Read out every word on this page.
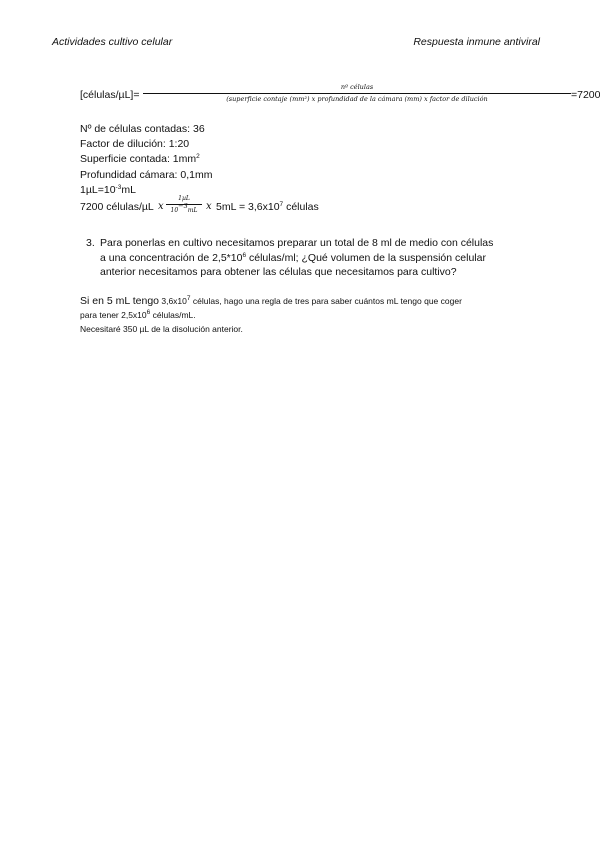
Actividades cultivo celular	Respuesta inmune antiviral
[células/µL]=
nº células
(superficie contaje (mm²) x profundidad de la cámara (mm) x factor de dilución	=7200
Nº de células contadas: 36
Factor de dilución: 1:20
Superficie contada: $1mm^2$
Profundidad cámara: 0,1mm
$1\mu L=10^{-3}mL$
7200 células/µL x
1µL
$10^{-3}mL$ x $5mL = 3,6x10^7$ células
3. Para ponerlas en cultivo necesitamos preparar un total de 8 ml de medio con células
a una concentración de $2,5*10^6$ células/ml; ¿Qué volumen de la suspensión celular
anterior necesitamos para obtener las células que necesitamos para cultivo?
Si en 5 mL tengo $3,6x10^7$ células, hago una regla de tres para saber cuántos mL tengo que coger
para tener $2,5x10^6$ células/mL.
Necesitaré 350 µL de la disolución anterior.
